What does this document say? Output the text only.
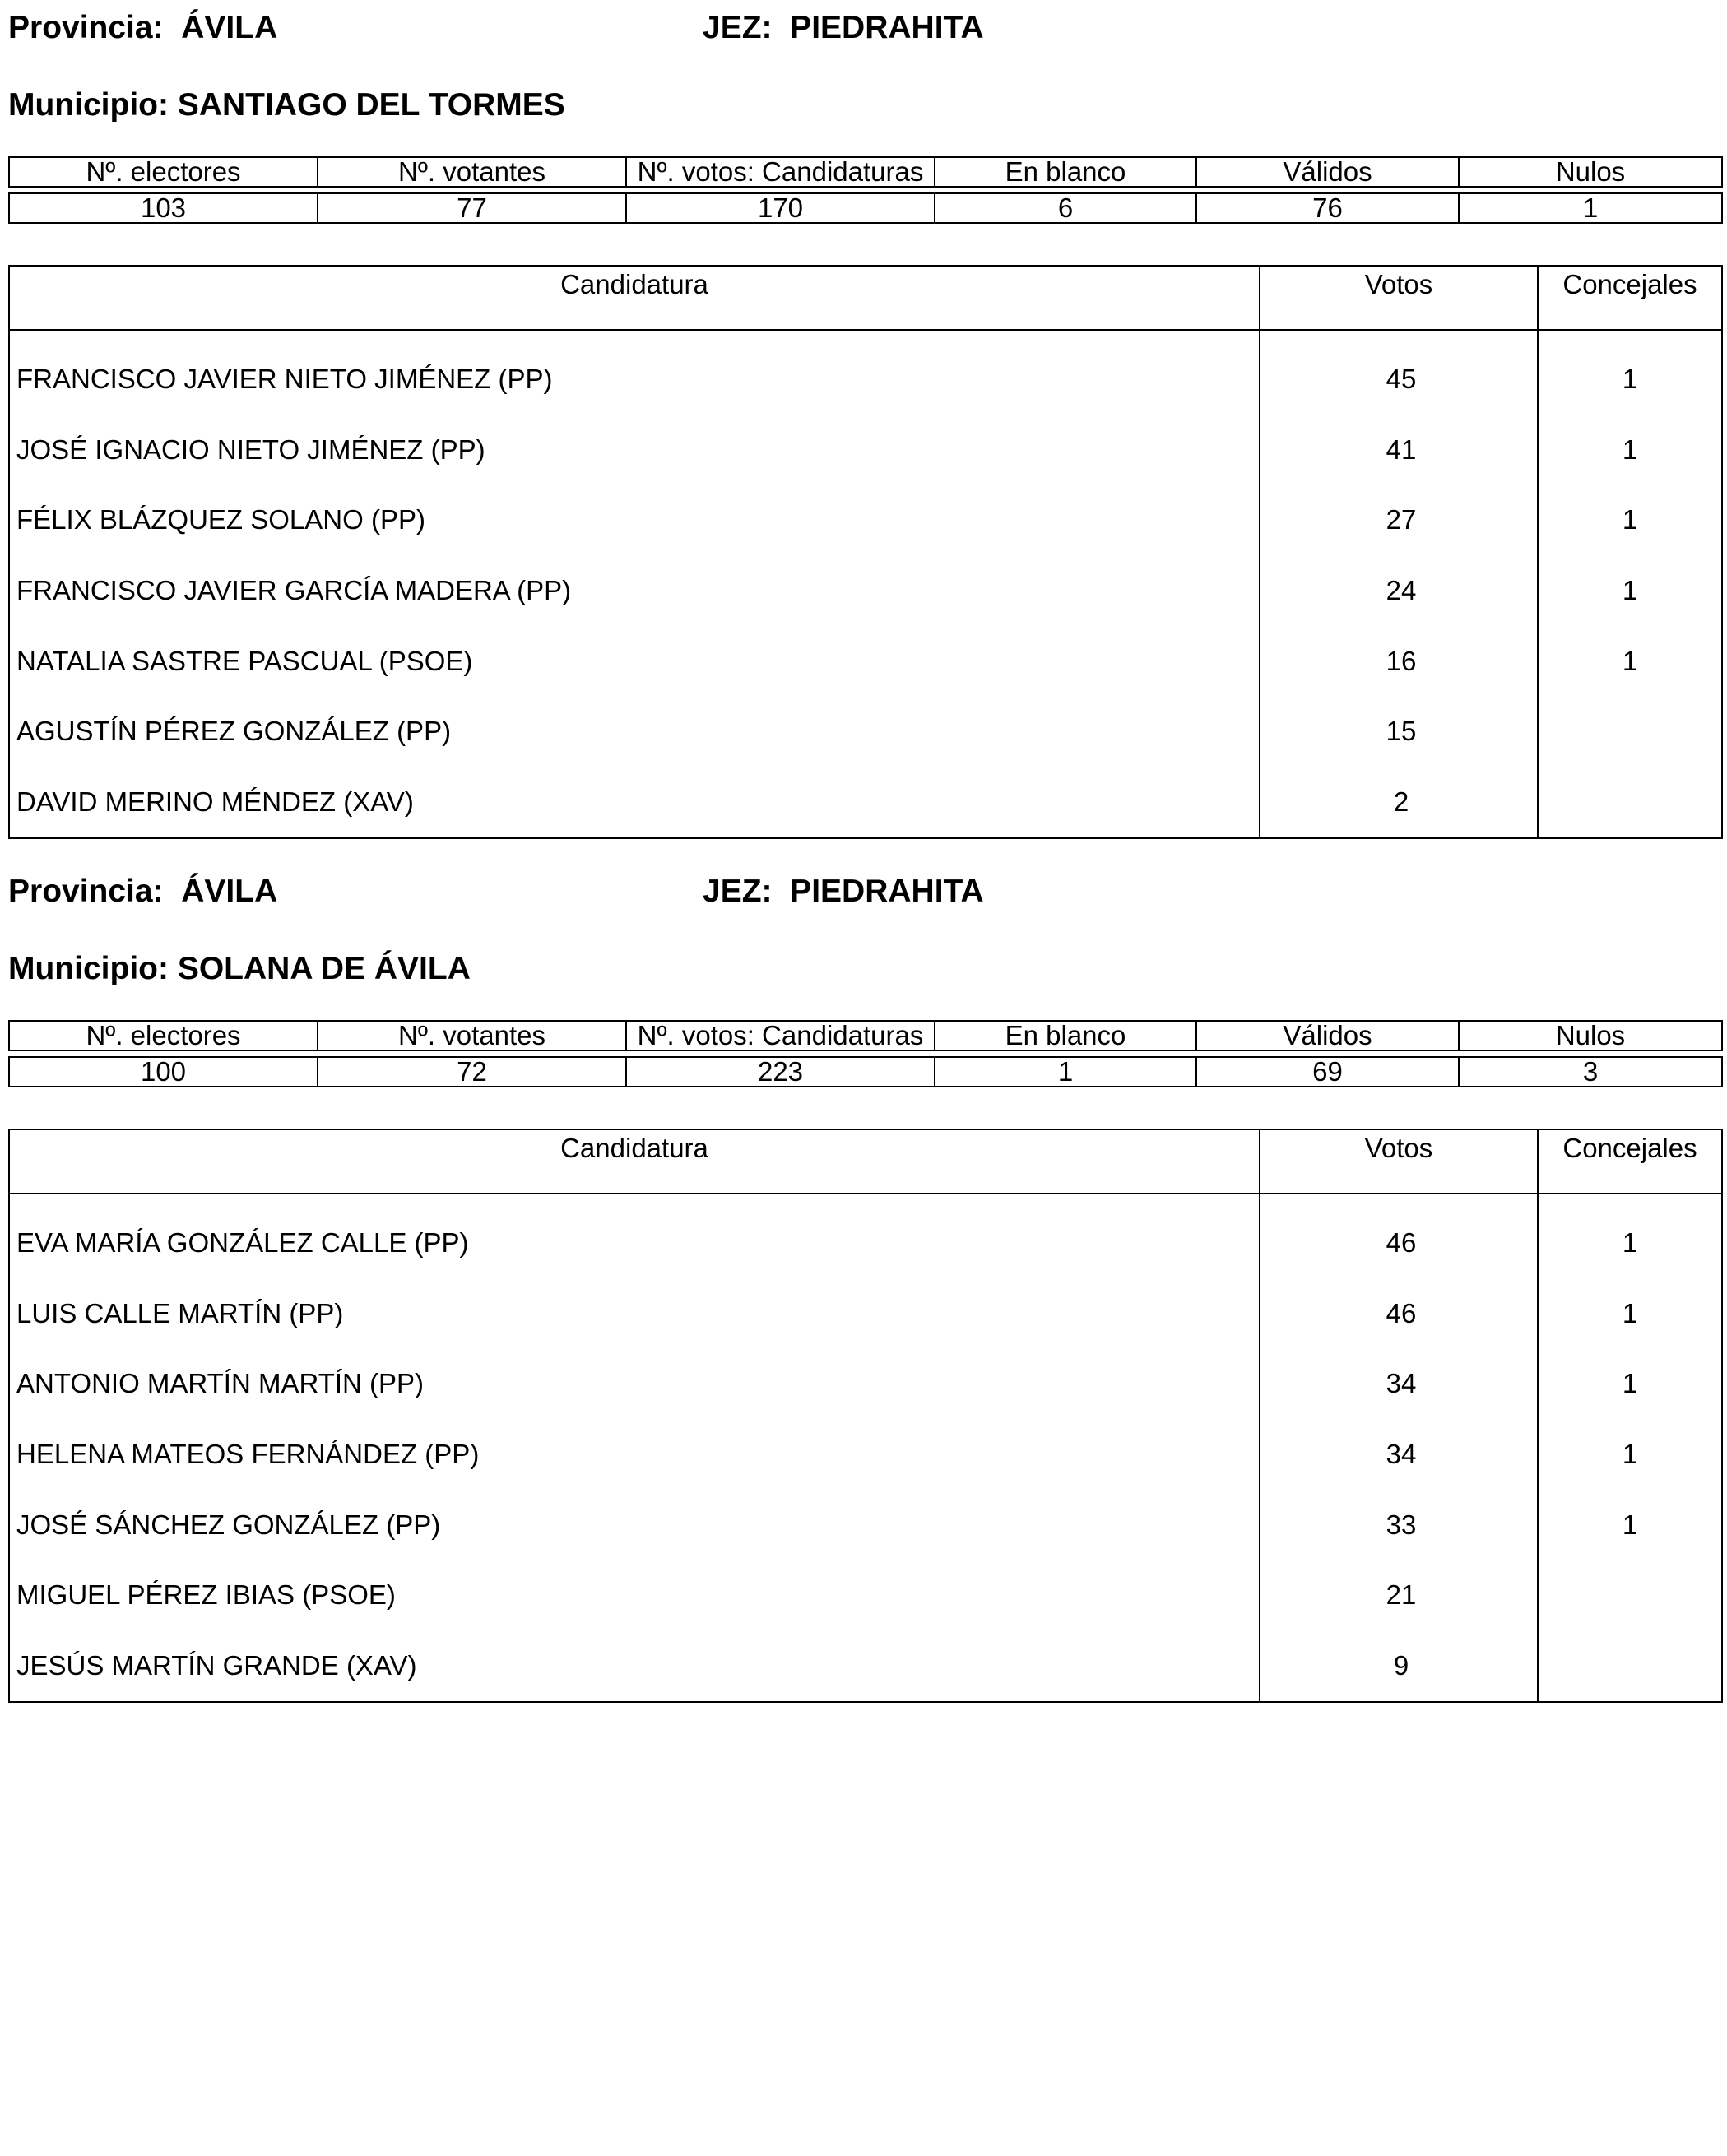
Provincia: ÁVILA	JEZ: PIEDRAHITA
Municipio: SANTIAGO DEL TORMES
Nº. electores	Nº. votantes	Nº. votos: Candidaturas	En blanco	Válidos	Nulos

103	77	170	6	76	1
Candidatura	Votos	Concejales
FRANCISCO JAVIER NIETO JIMÉNEZ (PP)	45	1
JOSÉ IGNACIO NIETO JIMÉNEZ (PP)	41	1
FÉLIX BLÁZQUEZ SOLANO (PP)	27	1
FRANCISCO JAVIER GARCÍA MADERA (PP)	24	1
NATALIA SASTRE PASCUAL (PSOE)	16	1
AGUSTÍN PÉREZ GONZÁLEZ (PP)	15	
DAVID MERINO MÉNDEZ (XAV)	2	
Provincia: ÁVILA	JEZ: PIEDRAHITA
Municipio: SOLANA DE ÁVILA
Nº. electores	Nº. votantes	Nº. votos: Candidaturas	En blanco	Válidos	Nulos

100	72	223	1	69	3
Candidatura	Votos	Concejales
EVA MARÍA GONZÁLEZ CALLE (PP)	46	1
LUIS CALLE MARTÍN (PP)	46	1
ANTONIO MARTÍN MARTÍN (PP)	34	1
HELENA MATEOS FERNÁNDEZ (PP)	34	1
JOSÉ SÁNCHEZ GONZÁLEZ (PP)	33	1
MIGUEL PÉREZ IBIAS (PSOE)	21	
JESÚS MARTÍN GRANDE (XAV)	9	
